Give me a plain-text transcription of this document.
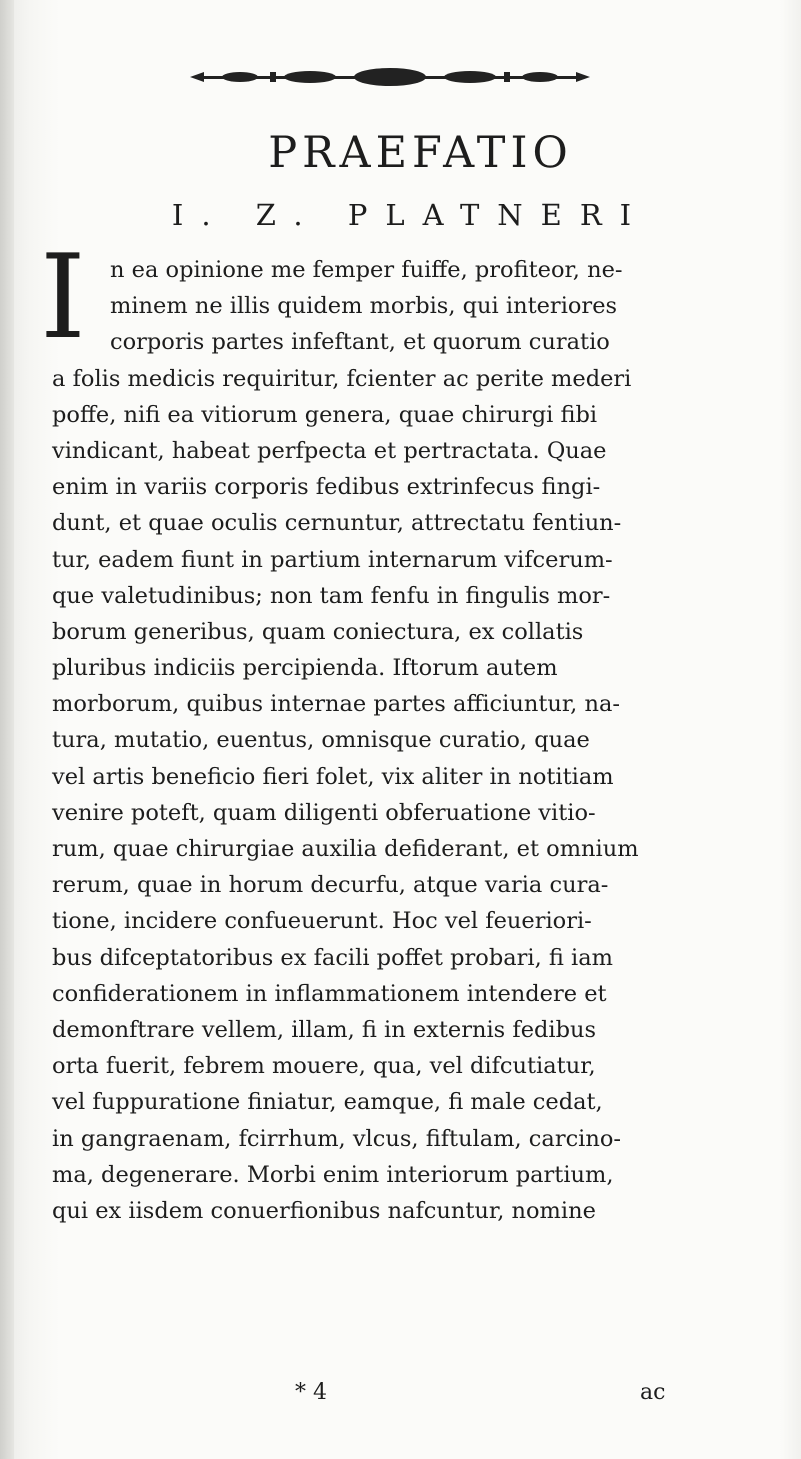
PRAEFATIO
I. Z. PLATNERI
I	n ea opinione me femper fuiffe, profiteor, ne-
minem ne illis quidem morbis, qui interiores
corporis partes infeftant, et quorum curatio
a folis medicis requiritur, fcienter ac perite mederi
poffe, nifi ea vitiorum genera, quae chirurgi fibi
vindicant, habeat perfpecta et pertractata. Quae
enim in variis corporis fedibus extrinfecus fingi-
dunt, et quae oculis cernuntur, attrectatu fentiun-
tur, eadem fiunt in partium internarum vifcerum-
que valetudinibus; non tam fenfu in fingulis mor-
borum generibus, quam coniectura, ex collatis
pluribus indiciis percipienda. Iftorum autem
morborum, quibus internae partes afficiuntur, na-
tura, mutatio, euentus, omnisque curatio, quae
vel artis beneficio fieri folet, vix aliter in notitiam
venire poteft, quam diligenti obferuatione vitio-
rum, quae chirurgiae auxilia defiderant, et omnium
rerum, quae in horum decurfu, atque varia cura-
tione, incidere confueuerunt. Hoc vel feueriori-
bus difceptatoribus ex facili poffet probari, fi iam
confiderationem in inflammationem intendere et
demonftrare vellem, illam, fi in externis fedibus
orta fuerit, febrem mouere, qua, vel difcutiatur,
vel fuppuratione finiatur, eamque, fi male cedat,
in gangraenam, fcirrhum, vlcus, fiftulam, carcino-
ma, degenerare. Morbi enim interiorum partium,
qui ex iisdem conuerfionibus nafcuntur, nomine
* 4	ac
